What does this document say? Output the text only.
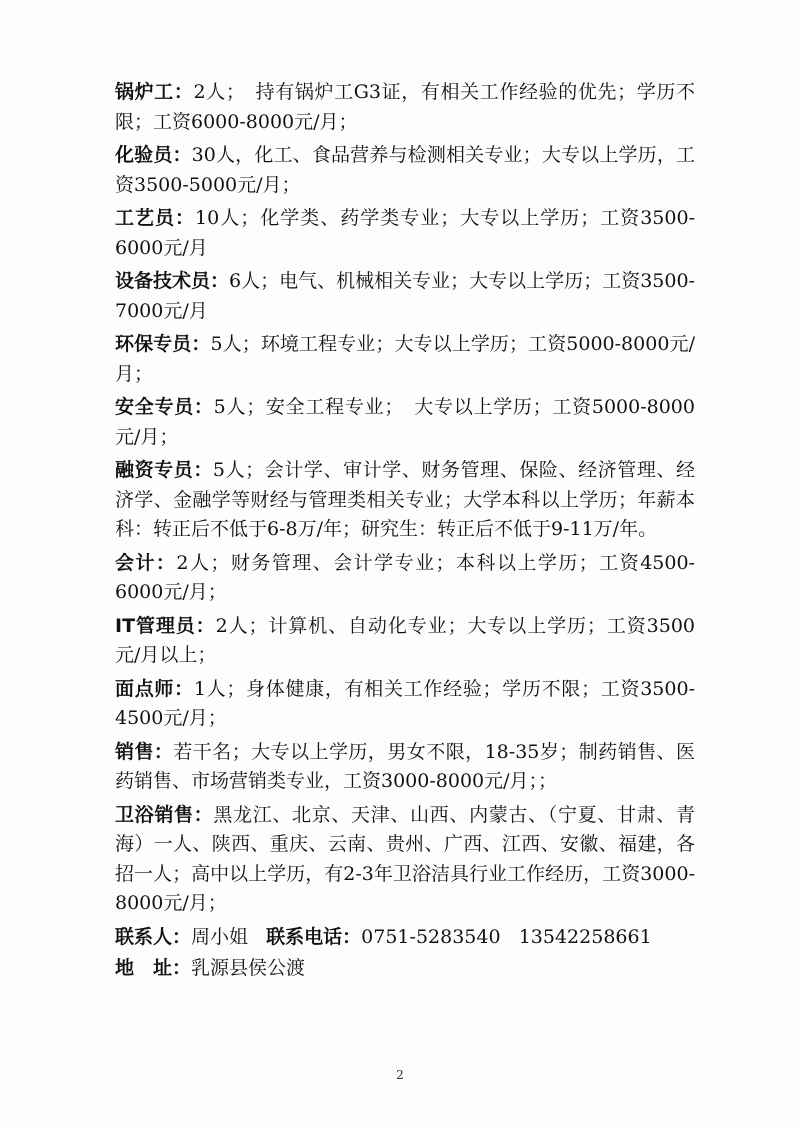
锅炉工：2人；　持有锅炉工G3证，有相关工作经验的优先；学历不限；工资6000-8000元/月；

化验员：30人，化工、食品营养与检测相关专业；大专以上学历，工资3500-5000元/月；

工艺员：10人；化学类、药学类专业；大专以上学历；工资3500-6000元/月

设备技术员：6人；电气、机械相关专业；大专以上学历；工资3500-7000元/月

环保专员：5人；环境工程专业；大专以上学历；工资5000-8000元/月；

安全专员：5人；安全工程专业；　大专以上学历；工资5000-8000元/月；

融资专员：5人；会计学、审计学、财务管理、保险、经济管理、经济学、金融学等财经与管理类相关专业；大学本科以上学历；年薪本科：转正后不低于6-8万/年；研究生：转正后不低于9-11万/年。

会计：2人；财务管理、会计学专业；本科以上学历；工资4500-6000元/月；

IT管理员：2人；计算机、自动化专业；大专以上学历；工资3500元/月以上；

面点师：1人；身体健康，有相关工作经验；学历不限；工资3500-4500元/月；

销售：若干名；大专以上学历，男女不限，18-35岁；制药销售、医药销售、市场营销类专业，工资3000-8000元/月；；

卫浴销售：黑龙江、北京、天津、山西、内蒙古、（宁夏、甘肃、青海）一人、陕西、重庆、云南、贵州、广西、江西、安徽、福建，各招一人；高中以上学历，有2-3年卫浴洁具行业工作经历，工资3000-8000元/月；

联系人：周小姐 联系电话：0751-5283540 13542258661

地　址：乳源县侯公渡

2
